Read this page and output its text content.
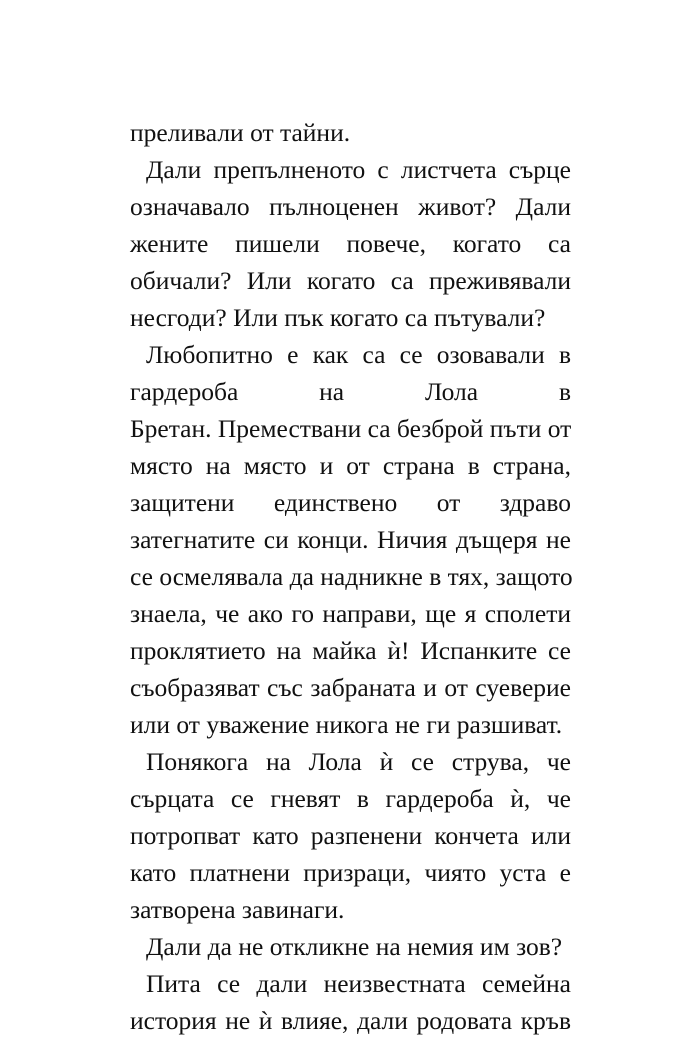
преливали от тайни.
Дали препълненото с листчета сърце
означавало пълноценен живот? Дали
жените пишели повече, когато са
обичали? Или когато са преживявали
несгоди? Или пък когато са пътували?
Любопитно е как са се озовавали в
гардероба на Лола в
Бретан. Премествани са безброй пъти от
място на място и от страна в страна,
защитени единствено от здраво
затегнатите си конци. Ничия дъщеря не
се осмелявала да надникне в тях, защото
знаела, че ако го направи, ще я сполети
проклятието на майка ѝ! Испанките се
съобразяват със забраната и от суеверие
или от уважение никога не ги разшиват.
Понякога на Лола ѝ се струва, че
сърцата се гневят в гардероба ѝ, че
потропват като разпенени кончета или
като платнени призраци, чиято уста е
затворена завинаги.
Дали да не откликне на немия им зов?
Пита се дали неизвестната семейна
история не ѝ влияе, дали родовата кръв
